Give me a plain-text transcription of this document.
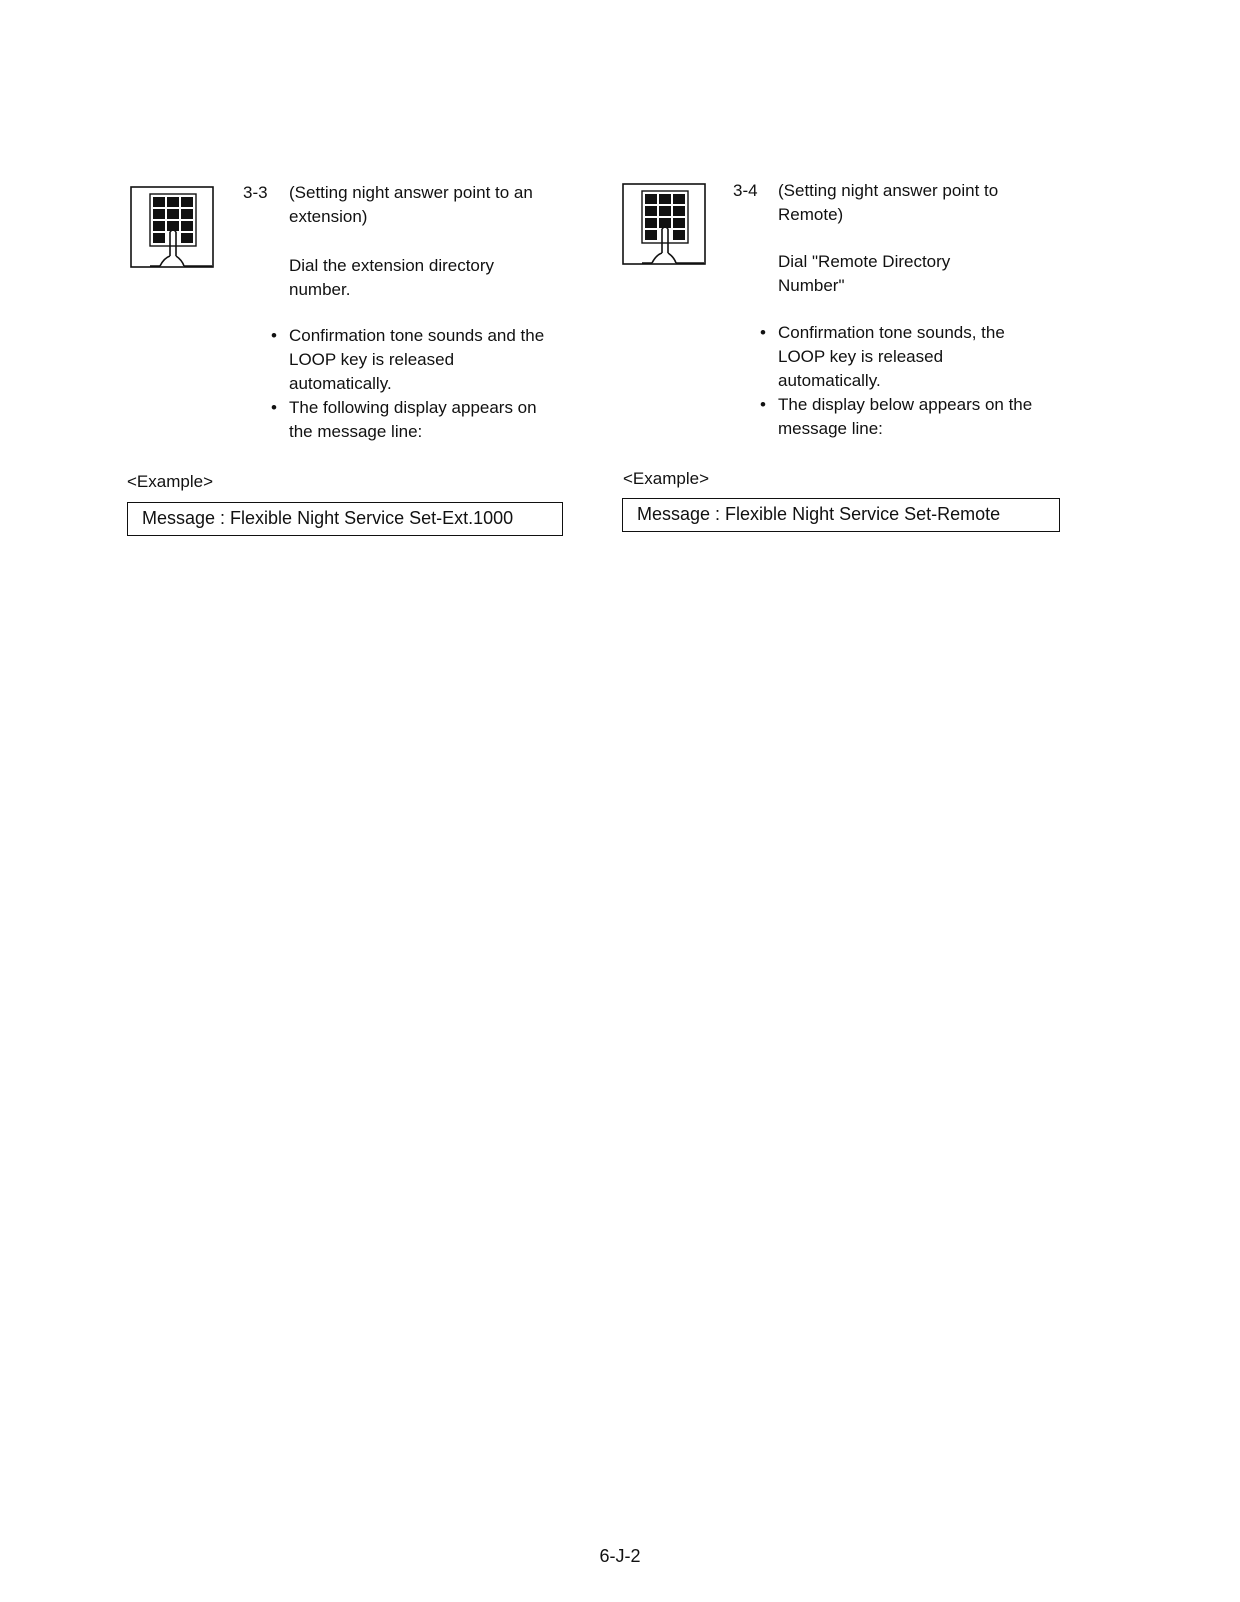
3-3 (Setting night answer point to an extension)
Dial the extension directory number.
• Confirmation tone sounds and the LOOP key is released automatically.
• The following display appears on the message line:
<Example>
Message : Flexible Night Service Set-Ext.1000
3-4 (Setting night answer point to Remote)
Dial "Remote Directory Number"
• Confirmation tone sounds, the LOOP key is released automatically.
• The display below appears on the message line:
<Example>
Message : Flexible Night Service Set-Remote
6-J-2
